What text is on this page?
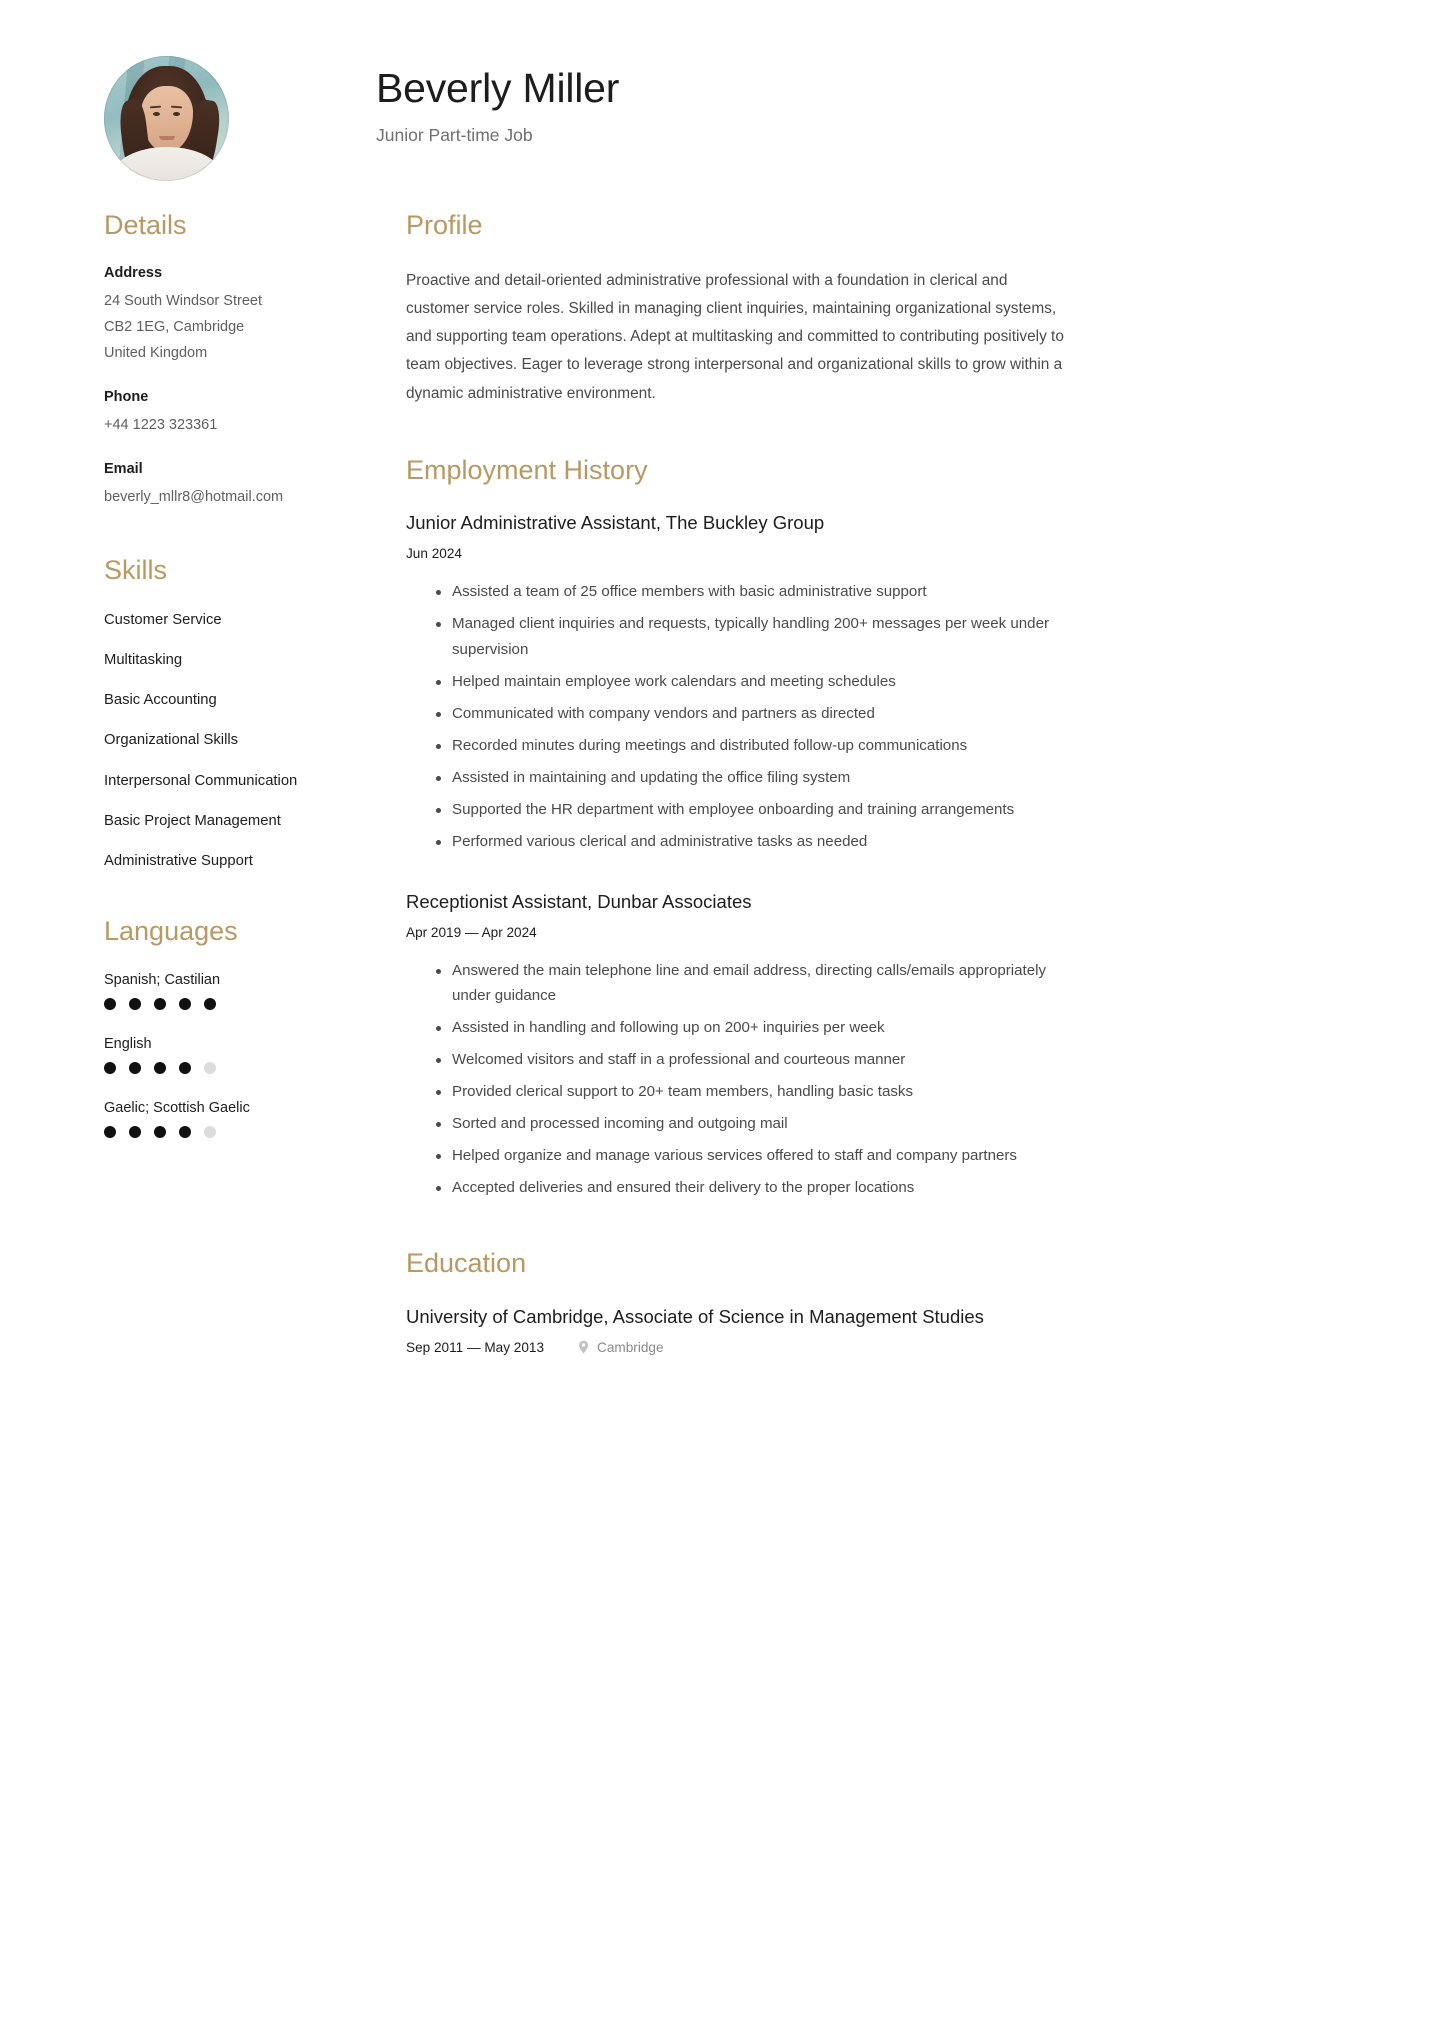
Beverly Miller
Junior Part-time Job
Details
Address
24 South Windsor Street
CB2 1EG, Cambridge
United Kingdom
Phone
+44 1223 323361
Email
beverly_mllr8@hotmail.com
Skills
Customer Service
Multitasking
Basic Accounting
Organizational Skills
Interpersonal Communication
Basic Project Management
Administrative Support
Languages
Spanish; Castilian
English
Gaelic; Scottish Gaelic
Profile

Proactive and detail-oriented administrative professional with a foundation in clerical and customer service roles. Skilled in managing client inquiries, maintaining organizational systems, and supporting team operations. Adept at multitasking and committed to contributing positively to team objectives. Eager to leverage strong interpersonal and organizational skills to grow within a dynamic administrative environment.

Employment History
Junior Administrative Assistant, The Buckley Group
Jun 2024
Assisted a team of 25 office members with basic administrative support
Managed client inquiries and requests, typically handling 200+ messages per week under supervision
Helped maintain employee work calendars and meeting schedules
Communicated with company vendors and partners as directed
Recorded minutes during meetings and distributed follow-up communications
Assisted in maintaining and updating the office filing system
Supported the HR department with employee onboarding and training arrangements
Performed various clerical and administrative tasks as needed
Receptionist Assistant, Dunbar Associates
Apr 2019 — Apr 2024
Answered the main telephone line and email address, directing calls/emails appropriately under guidance
Assisted in handling and following up on 200+ inquiries per week
Welcomed visitors and staff in a professional and courteous manner
Provided clerical support to 20+ team members, handling basic tasks
Sorted and processed incoming and outgoing mail
Helped organize and manage various services offered to staff and company partners
Accepted deliveries and ensured their delivery to the proper locations
Education
University of Cambridge, Associate of Science in Management Studies
Sep 2011 — May 2013	Cambridge
